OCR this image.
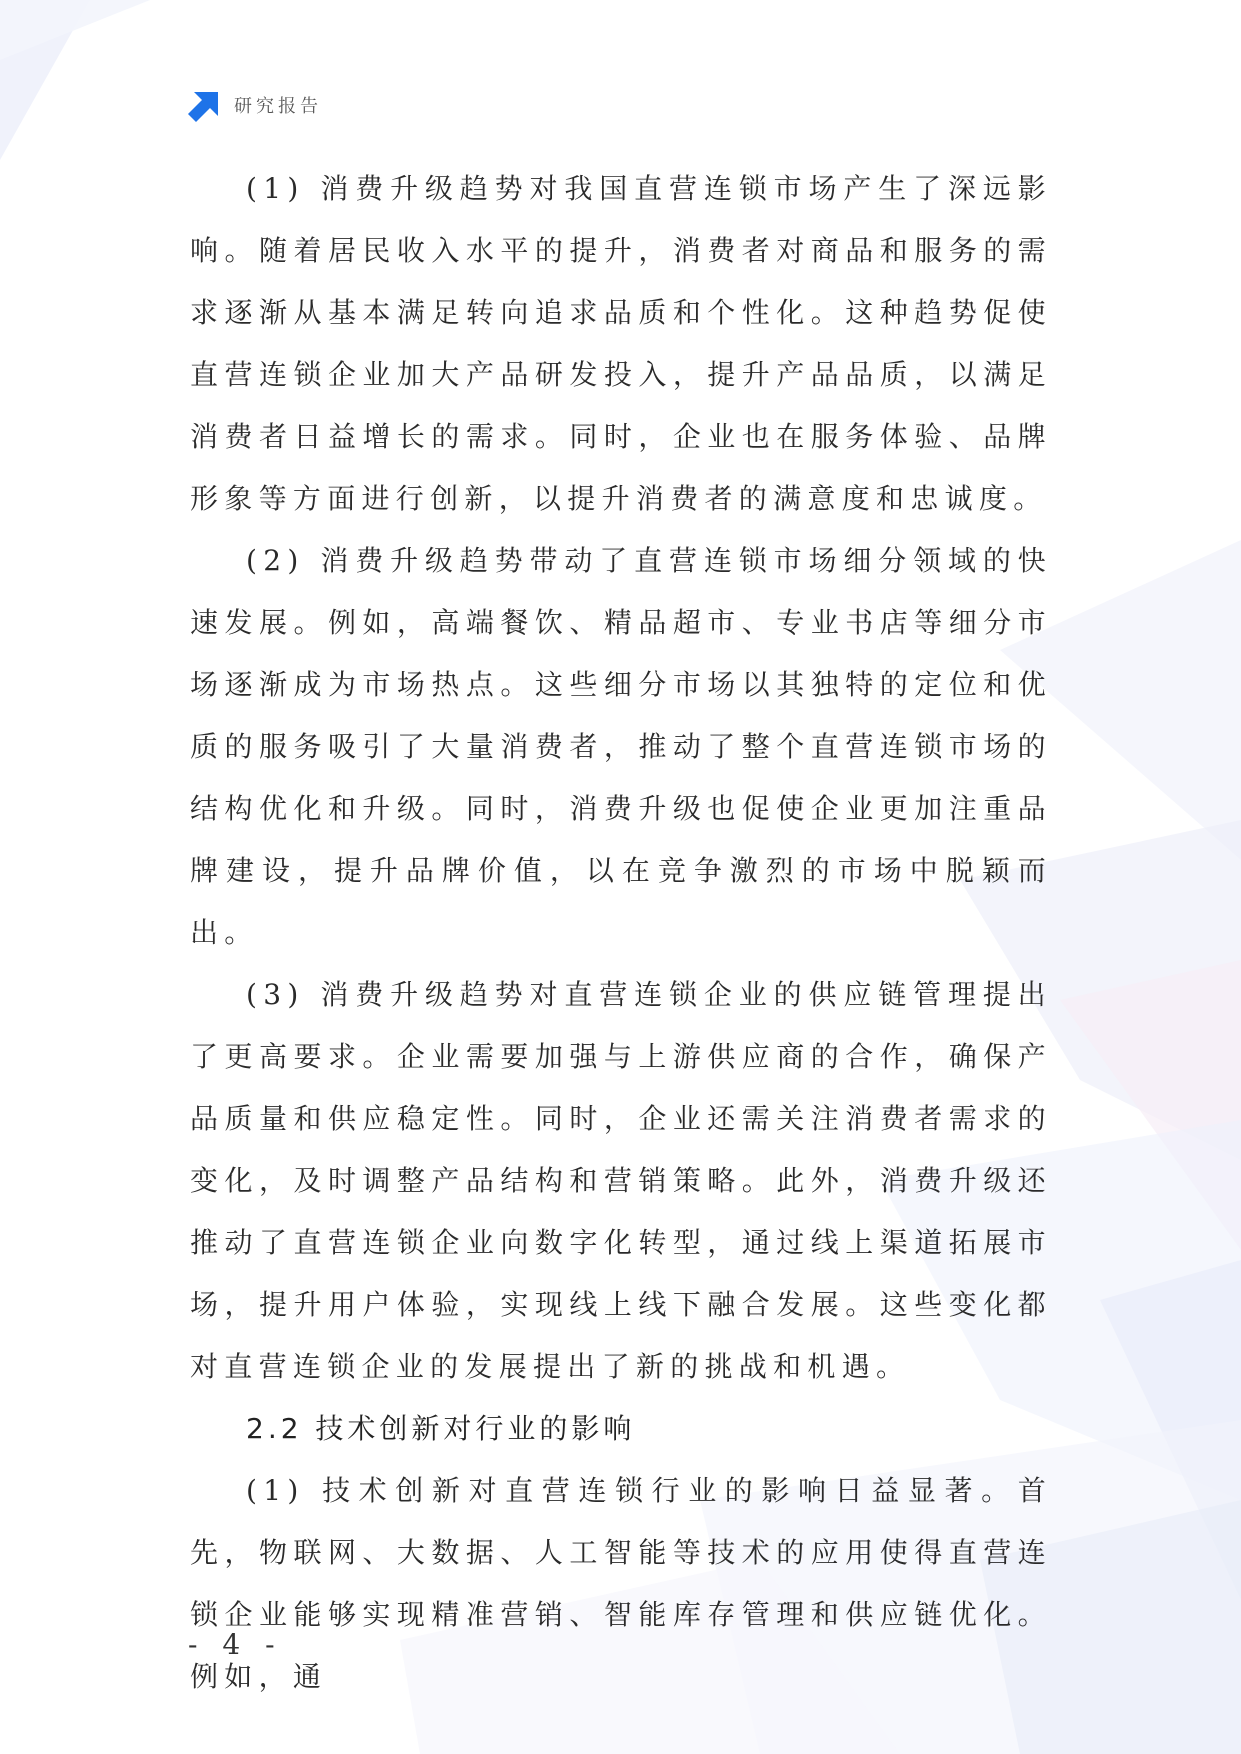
研究报告

(1) 消费升级趋势对我国直营连锁市场产生了深远影响。随着居民收入水平的提升，消费者对商品和服务的需求逐渐从基本满足转向追求品质和个性化。这种趋势促使直营连锁企业加大产品研发投入，提升产品品质，以满足消费者日益增长的需求。同时，企业也在服务体验、品牌形象等方面进行创新，以提升消费者的满意度和忠诚度。

(2) 消费升级趋势带动了直营连锁市场细分领域的快速发展。例如，高端餐饮、精品超市、专业书店等细分市场逐渐成为市场热点。这些细分市场以其独特的定位和优质的服务吸引了大量消费者，推动了整个直营连锁市场的结构优化和升级。同时，消费升级也促使企业更加注重品牌建设，提升品牌价值，以在竞争激烈的市场中脱颖而出。

(3) 消费升级趋势对直营连锁企业的供应链管理提出了更高要求。企业需要加强与上游供应商的合作，确保产品质量和供应稳定性。同时，企业还需关注消费者需求的变化，及时调整产品结构和营销策略。此外，消费升级还推动了直营连锁企业向数字化转型，通过线上渠道拓展市场，提升用户体验，实现线上线下融合发展。这些变化都对直营连锁企业的发展提出了新的挑战和机遇。

2.2 技术创新对行业的影响

(1) 技术创新对直营连锁行业的影响日益显著。首先，物联网、大数据、人工智能等技术的应用使得直营连锁企业能够实现精准营销、智能库存管理和供应链优化。例如，通

- 4 -
